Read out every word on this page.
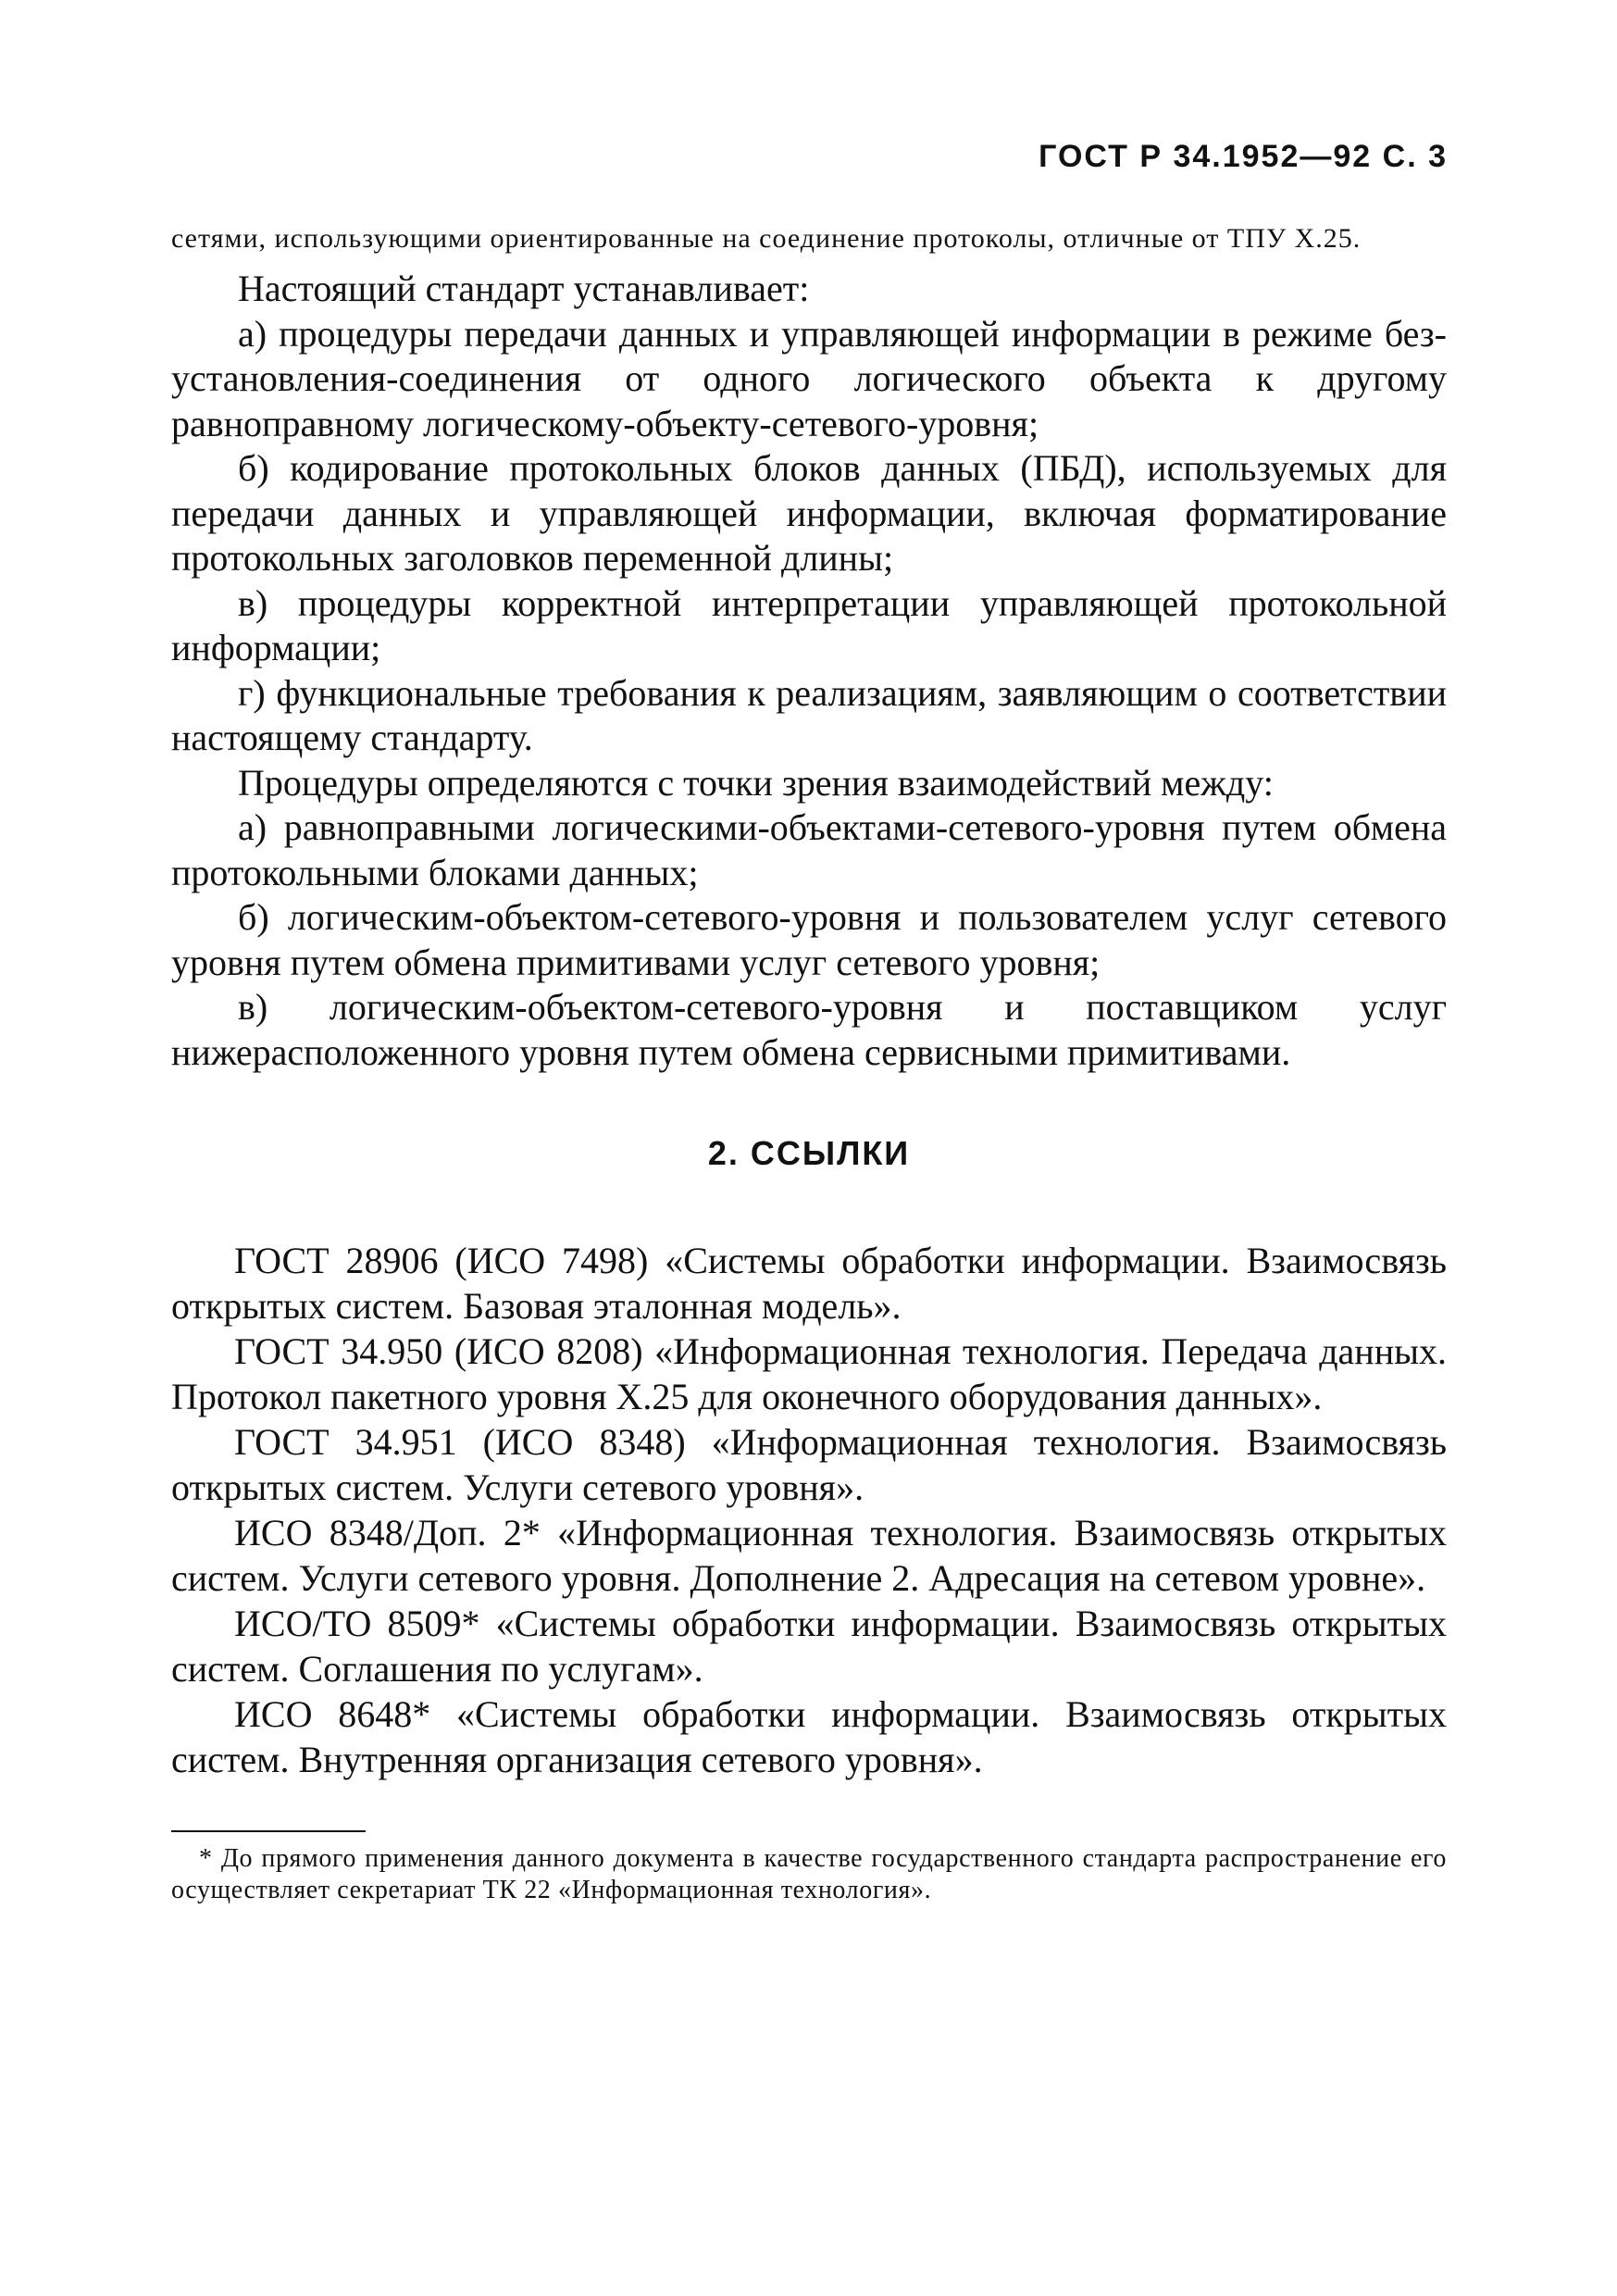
ГОСТ Р 34.1952—92 С. 3

сетями, использующими ориентированные на соединение протоколы, отличные от ТПУ Х.25.

Настоящий стандарт устанавливает:

а) процедуры передачи данных и управляющей информации в режиме без-установления-соединения от одного логического объекта к другому равноправному логическому-объекту-сетевого-уровня;

б) кодирование протокольных блоков данных (ПБД), используемых для передачи данных и управляющей информации, включая форматирование протокольных заголовков переменной длины;

в) процедуры корректной интерпретации управляющей протокольной информации;

г) функциональные требования к реализациям, заявляющим о соответствии настоящему стандарту.

Процедуры определяются с точки зрения взаимодействий между:

а) равноправными логическими-объектами-сетевого-уровня путем обмена протокольными блоками данных;

б) логическим-объектом-сетевого-уровня и пользователем услуг сетевого уровня путем обмена примитивами услуг сетевого уровня;

в) логическим-объектом-сетевого-уровня и поставщиком услуг нижерасположенного уровня путем обмена сервисными примитивами.

2. ССЫЛКИ

ГОСТ 28906 (ИСО 7498) «Системы обработки информации. Взаимосвязь открытых систем. Базовая эталонная модель».

ГОСТ 34.950 (ИСО 8208) «Информационная технология. Передача данных. Протокол пакетного уровня Х.25 для оконечного оборудования данных».

ГОСТ 34.951 (ИСО 8348) «Информационная технология. Взаимосвязь открытых систем. Услуги сетевого уровня».

ИСО 8348/Доп. 2* «Информационная технология. Взаимосвязь открытых систем. Услуги сетевого уровня. Дополнение 2. Адресация на сетевом уровне».

ИСО/ТО 8509* «Системы обработки информации. Взаимосвязь открытых систем. Соглашения по услугам».

ИСО 8648* «Системы обработки информации. Взаимосвязь открытых систем. Внутренняя организация сетевого уровня».

* До прямого применения данного документа в качестве государственного стандарта распространение его осуществляет секретариат ТК 22 «Информационная технология».
